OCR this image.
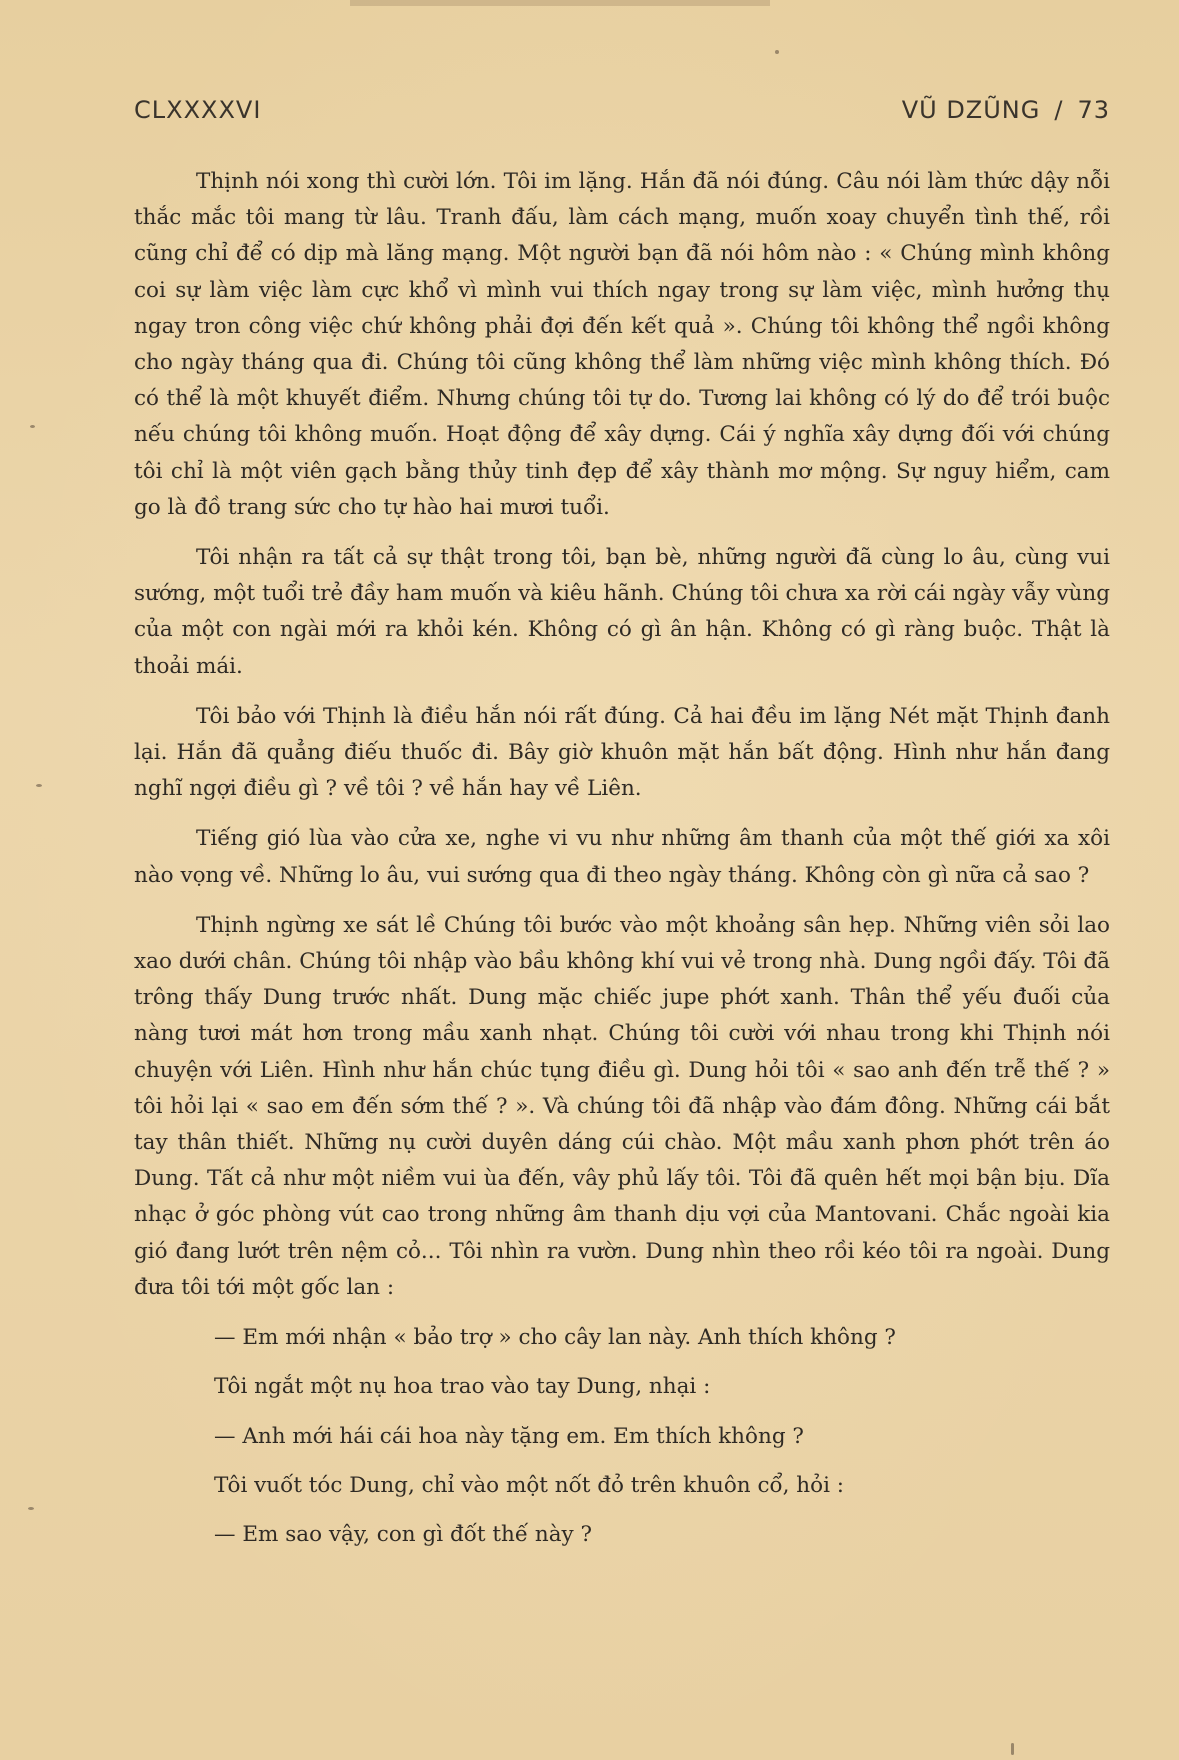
CLXXXXVI	VŨ DZŨNG / 73

Thịnh nói xong thì cười lớn. Tôi im lặng. Hắn đã nói đúng. Câu nói làm thức dậy nỗi thắc mắc tôi mang từ lâu. Tranh đấu, làm cách mạng, muốn xoay chuyển tình thế, rồi cũng chỉ để có dịp mà lăng mạng. Một người bạn đã nói hôm nào : « Chúng mình không coi sự làm việc làm cực khổ vì mình vui thích ngay trong sự làm việc, mình hưởng thụ ngay tron công việc chứ không phải đợi đến kết quả ». Chúng tôi không thể ngồi không cho ngày tháng qua đi. Chúng tôi cũng không thể làm những việc mình không thích. Đó có thể là một khuyết điểm. Nhưng chúng tôi tự do. Tương lai không có lý do để trói buộc nếu chúng tôi không muốn. Hoạt động để xây dựng. Cái ý nghĩa xây dựng đối với chúng tôi chỉ là một viên gạch bằng thủy tinh đẹp để xây thành mơ mộng. Sự nguy hiểm, cam go là đồ trang sức cho tự hào hai mươi tuổi.

Tôi nhận ra tất cả sự thật trong tôi, bạn bè, những người đã cùng lo âu, cùng vui sướng, một tuổi trẻ đầy ham muốn và kiêu hãnh. Chúng tôi chưa xa rời cái ngày vẫy vùng của một con ngài mới ra khỏi kén. Không có gì ân hận. Không có gì ràng buộc. Thật là thoải mái.

Tôi bảo với Thịnh là điều hắn nói rất đúng. Cả hai đều im lặng Nét mặt Thịnh đanh lại. Hắn đã quẳng điếu thuốc đi. Bây giờ khuôn mặt hắn bất động. Hình như hắn đang nghĩ ngợi điều gì ? về tôi ? về hắn hay về Liên.

Tiếng gió lùa vào cửa xe, nghe vi vu như những âm thanh của một thế giới xa xôi nào vọng về. Những lo âu, vui sướng qua đi theo ngày tháng. Không còn gì nữa cả sao ?

Thịnh ngừng xe sát lề Chúng tôi bước vào một khoảng sân hẹp. Những viên sỏi lao xao dưới chân. Chúng tôi nhập vào bầu không khí vui vẻ trong nhà. Dung ngồi đấy. Tôi đã trông thấy Dung trước nhất. Dung mặc chiếc jupe phớt xanh. Thân thể yếu đuối của nàng tươi mát hơn trong mầu xanh nhạt. Chúng tôi cười với nhau trong khi Thịnh nói chuyện với Liên. Hình như hắn chúc tụng điều gì. Dung hỏi tôi « sao anh đến trễ thế ? » tôi hỏi lại « sao em đến sớm thế ? ». Và chúng tôi đã nhập vào đám đông. Những cái bắt tay thân thiết. Những nụ cười duyên dáng cúi chào. Một mầu xanh phơn phớt trên áo Dung. Tất cả như một niềm vui ùa đến, vây phủ lấy tôi. Tôi đã quên hết mọi bận bịu. Dĩa nhạc ở góc phòng vút cao trong những âm thanh dịu vợi của Mantovani. Chắc ngoài kia gió đang lướt trên nệm cỏ... Tôi nhìn ra vườn. Dung nhìn theo rồi kéo tôi ra ngoài. Dung đưa tôi tới một gốc lan :

— Em mới nhận « bảo trợ » cho cây lan này. Anh thích không ?

Tôi ngắt một nụ hoa trao vào tay Dung, nhại :

— Anh mới hái cái hoa này tặng em. Em thích không ?

Tôi vuốt tóc Dung, chỉ vào một nốt đỏ trên khuôn cổ, hỏi :

— Em sao vậy, con gì đốt thế này ?
